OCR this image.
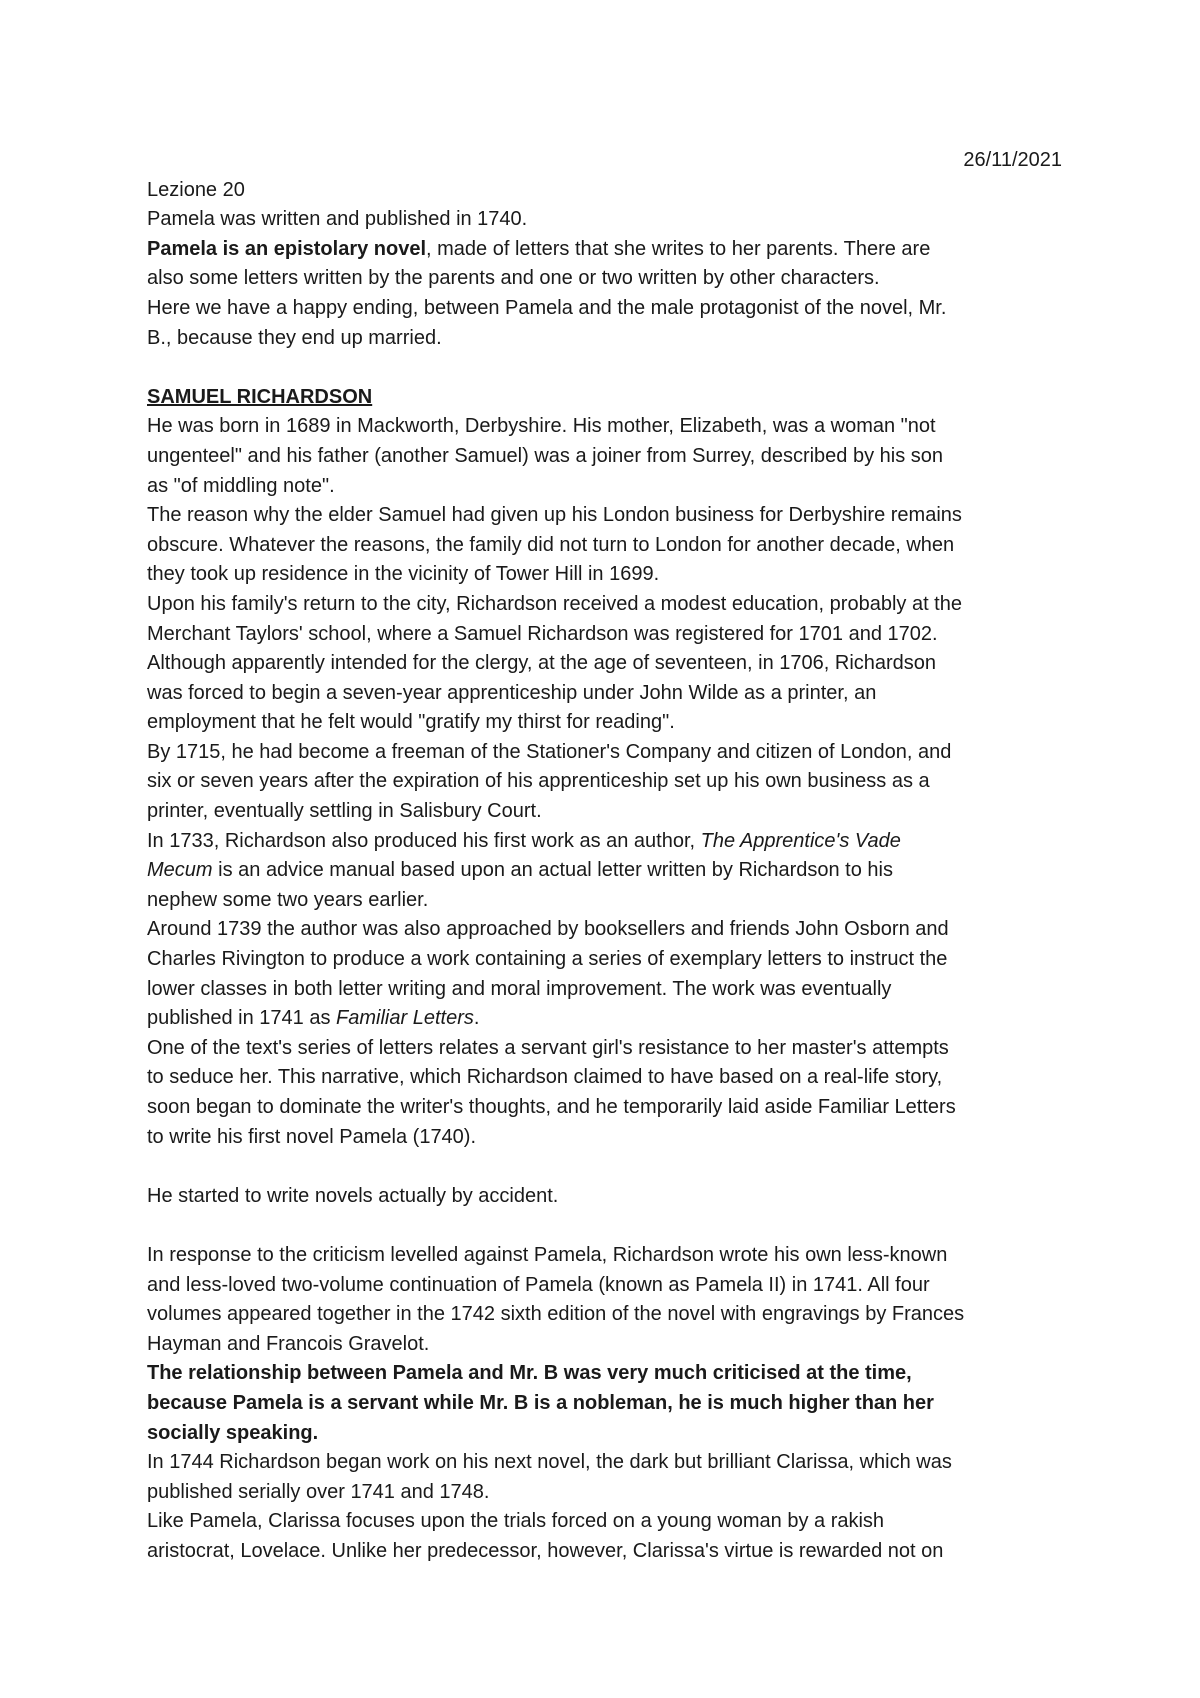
26/11/2021

Lezione 20

Pamela was written and published in 1740.

Pamela is an epistolary novel, made of letters that she writes to her parents. There are

also some letters written by the parents and one or two written by other characters.

Here we have a happy ending, between Pamela and the male protagonist of the novel, Mr.

B., because they end up married.

SAMUEL RICHARDSON

He was born in 1689 in Mackworth, Derbyshire. His mother, Elizabeth, was a woman "not

ungenteel" and his father (another Samuel) was a joiner from Surrey, described by his son

as "of middling note".

The reason why the elder Samuel had given up his London business for Derbyshire remains

obscure. Whatever the reasons, the family did not turn to London for another decade, when

they took up residence in the vicinity of Tower Hill in 1699.

Upon his family's return to the city, Richardson received a modest education, probably at the

Merchant Taylors' school, where a Samuel Richardson was registered for 1701 and 1702.

Although apparently intended for the clergy, at the age of seventeen, in 1706, Richardson

was forced to begin a seven-year apprenticeship under John Wilde as a printer, an

employment that he felt would "gratify my thirst for reading".

By 1715, he had become a freeman of the Stationer's Company and citizen of London, and

six or seven years after the expiration of his apprenticeship set up his own business as a

printer, eventually settling in Salisbury Court.

In 1733, Richardson also produced his first work as an author, The Apprentice's Vade

Mecum is an advice manual based upon an actual letter written by Richardson to his

nephew some two years earlier.

Around 1739 the author was also approached by booksellers and friends John Osborn and

Charles Rivington to produce a work containing a series of exemplary letters to instruct the

lower classes in both letter writing and moral improvement. The work was eventually

published in 1741 as Familiar Letters.

One of the text's series of letters relates a servant girl's resistance to her master's attempts

to seduce her. This narrative, which Richardson claimed to have based on a real-life story,

soon began to dominate the writer's thoughts, and he temporarily laid aside Familiar Letters

to write his first novel Pamela (1740).

He started to write novels actually by accident.

In response to the criticism levelled against Pamela, Richardson wrote his own less-known

and less-loved two-volume continuation of Pamela (known as Pamela II) in 1741. All four

volumes appeared together in the 1742 sixth edition of the novel with engravings by Frances

Hayman and Francois Gravelot.

The relationship between Pamela and Mr. B was very much criticised at the time,

because Pamela is a servant while Mr. B is a nobleman, he is much higher than her

socially speaking.

In 1744 Richardson began work on his next novel, the dark but brilliant Clarissa, which was

published serially over 1741 and 1748.

Like Pamela, Clarissa focuses upon the trials forced on a young woman by a rakish

aristocrat, Lovelace. Unlike her predecessor, however, Clarissa's virtue is rewarded not on
